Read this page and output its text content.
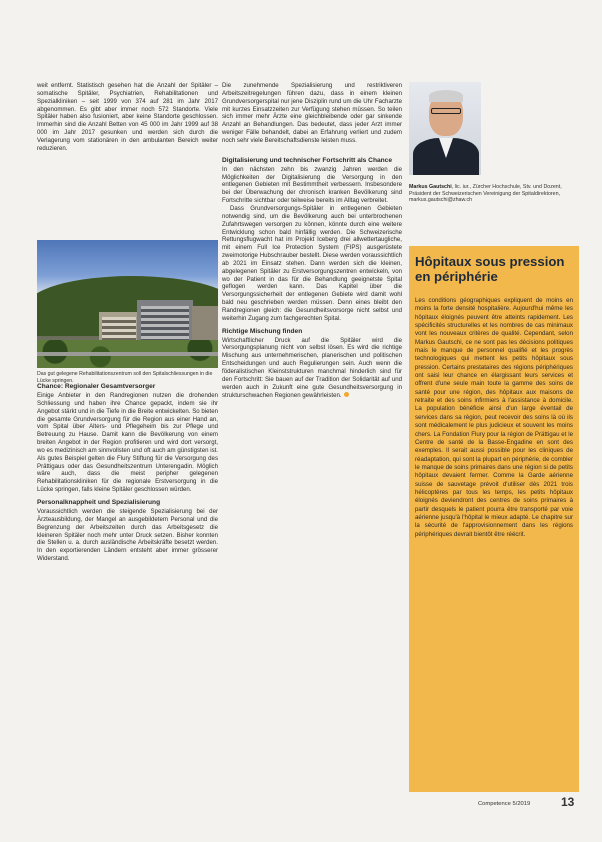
weit entfernt. Statistisch gesehen hat die Anzahl der Spitäler – somatische Spitäler, Psychiatrien, Rehabilitationen und Spezialkliniken – seit 1999 von 374 auf 281 im Jahr 2017 abgenommen. Es gibt aber immer noch 572 Standorte. Viele Spitäler haben also fusioniert, aber keine Standorte geschlossen. Immerhin sind die Anzahl Betten von 45 000 im Jahr 1999 auf 38 000 im Jahr 2017 gesunken und werden sich durch die Verlagerung vom stationären in den ambulanten Bereich weiter reduzieren.

Das gut gelegene Rehabilitationszentrum soll den Spitalschliessungen in die Lücke springen.
Chance: Regionaler Gesamtversorger

Einige Anbieter in den Randregionen nutzen die drohenden Schliessung und haben ihre Chance gepackt, indem sie ihr Angebot stärkt und in die Tiefe in die Breite entwickelten. So bieten die gesamte Grundversorgung für die Region aus einer Hand an, vom Spital über Alters- und Pflegeheim bis zur Pflege und Betreuung zu Hause. Damit kann die Bevölkerung von einem breiten Angebot in der Region profitieren und wird dort versorgt, wo es medizinisch am sinnvollsten und oft auch am günstigsten ist. Als gutes Beispiel gelten die Flury Stiftung für die Versorgung des Prättigaus oder das Gesundheitszentrum Unterengadin. Möglich wäre auch, dass die meist peripher gelegenen Rehabilitationskliniken für die regionale Erstversorgung in die Lücke springen, falls kleine Spitäler geschlossen würden.

Personalknappheit und Spezialisierung

Voraussichtlich werden die steigende Spezialisierung bei der Ärzteausbildung, der Mangel an ausgebildetem Personal und die Begrenzung der Arbeitszeiten durch das Arbeitsgesetz die kleineren Spitäler noch mehr unter Druck setzen. Bisher konnten die Stellen u. a. durch ausländische Arbeitskräfte besetzt werden. In den exportierenden Ländern entsteht aber immer grösserer Widerstand.

Die zunehmende Spezialisierung und restriktiveren Arbeitszeitregelungen führen dazu, dass in einem kleinen Grundversorgerspital nur jene Disziplin rund um die Uhr Facharzte mit kurzes Einsatzzeiten zur Verfügung stehen müssen. So teilen sich immer mehr Ärzte eine gleichbleibende oder gar sinkende Anzahl an Behandlungen. Das bedeutet, dass jeder Arzt immer weniger Fälle behandelt, dabei an Erfahrung verliert und zudem noch sehr viele Bereitschaftsdienste leisten muss.

Digitalisierung und technischer Fortschritt als Chance

In den nächsten zehn bis zwanzig Jahren werden die Möglichkeiten der Digitalisierung die Versorgung in den entlegenen Gebieten mit Bestimmtheit verbessern. Insbesondere bei der Überwachung der chronisch kranken Bevölkerung sind Fortschritte sichtbar oder teilweise bereits im Alltag verbreitet.

Dass Grundversorgungs-Spitäler in entlegenen Gebieten notwendig sind, um die Bevölkerung auch bei unterbrochenen Zufahrtswegen versorgen zu können, könnte durch eine weitere Entwicklung schon bald hinfällig werden. Die Schweizerische Rettungsflugwacht hat im Projekt Iceberg drei allwettertaugliche, mit einem Full Ice Protection System (FIPS) ausgerüstete zweimotorige Hubschrauber bestellt. Diese werden voraussichtlich ab 2021 im Einsatz stehen. Dann werden sich die kleinen, abgelegenen Spitäler zu Erstversorgungszentren entwickeln, von wo der Patient in das für die Behandlung geeignetste Spital geflogen werden kann. Das Kapitel über die Versorgungssicherheit der entlegenen Gebiete wird damit wohl bald neu geschrieben werden müssen. Denn eines bleibt den Randregionen gleich: die Gesundheitsvorsorge nicht selbst und weiterhin Zugang zum fachgerechten Spital.

Richtige Mischung finden

Wirtschaftlicher Druck auf die Spitäler wird die Versorgungsplanung nicht von selbst lösen. Es wird die richtige Mischung aus unternehmerischen, planerischen und politischen Entscheidungen und auch Regulierungen sein. Auch wenn die föderalistischen Kleinststrukturen manchmal hinderlich sind für den Fortschritt: Sie bauen auf der Tradition der Solidarität auf und werden auch in Zukunft eine gute Gesundheitsversorgung in strukturschwachen Regionen gewährleisten.

Markus Gautschi, lic. iur., Zürcher Hochschule, Stv. und Dozent, Präsident der Schweizerischen Vereinigung der Spitaldirektoren, markus.gautschi@zhaw.ch
Hôpitaux sous pression en périphérie
Les conditions géographiques expliquent de moins en moins la forte densité hospitalière. Aujourd'hui même les hôpitaux éloignés peuvent être atteints rapidement. Les spécificités structurelles et les nombres de cas minimaux vont les nouveaux critères de qualité. Cependant, selon Markus Gautschi, ce ne sont pas les décisions politiques mais le manque de personnel qualifié et les progrès technologiques qui mettent les petits hôpitaux sous pression. Certains prestataires des régions périphériques ont saisi leur chance en élargissant leurs services et offrent d'une seule main toute la gamme des soins de santé pour une région, des hôpitaux aux maisons de retraite et des soins infirmiers à l'assistance à domicile. La population bénéficie ainsi d'un large éventail de services dans sa région, peut recevoir des soins là où ils sont médicalement le plus judicieux et souvent les moins chers. La Fondation Flury pour la région de Prättigau et le Centre de santé de la Basse-Engadine en sont des exemples. Il serait aussi possible pour les cliniques de réadaptation, qui sont la plupart en périphérie, de combler le manque de soins primaires dans une région si de petits hôpitaux devaient fermer. Comme la Garde aérienne suisse de sauvetage prévoit d'utiliser dès 2021 trois hélicoptères par tous les temps, les petits hôpitaux éloignés deviendront des centres de soins primaires à partir desquels le patient pourra être transporté par voie aérienne jusqu'à l'hôpital le mieux adapté. Le chapitre sur la sécurité de l'approvisionnement dans les régions périphériques devrait bientôt être réécrit.
Competence 5/2019	13
